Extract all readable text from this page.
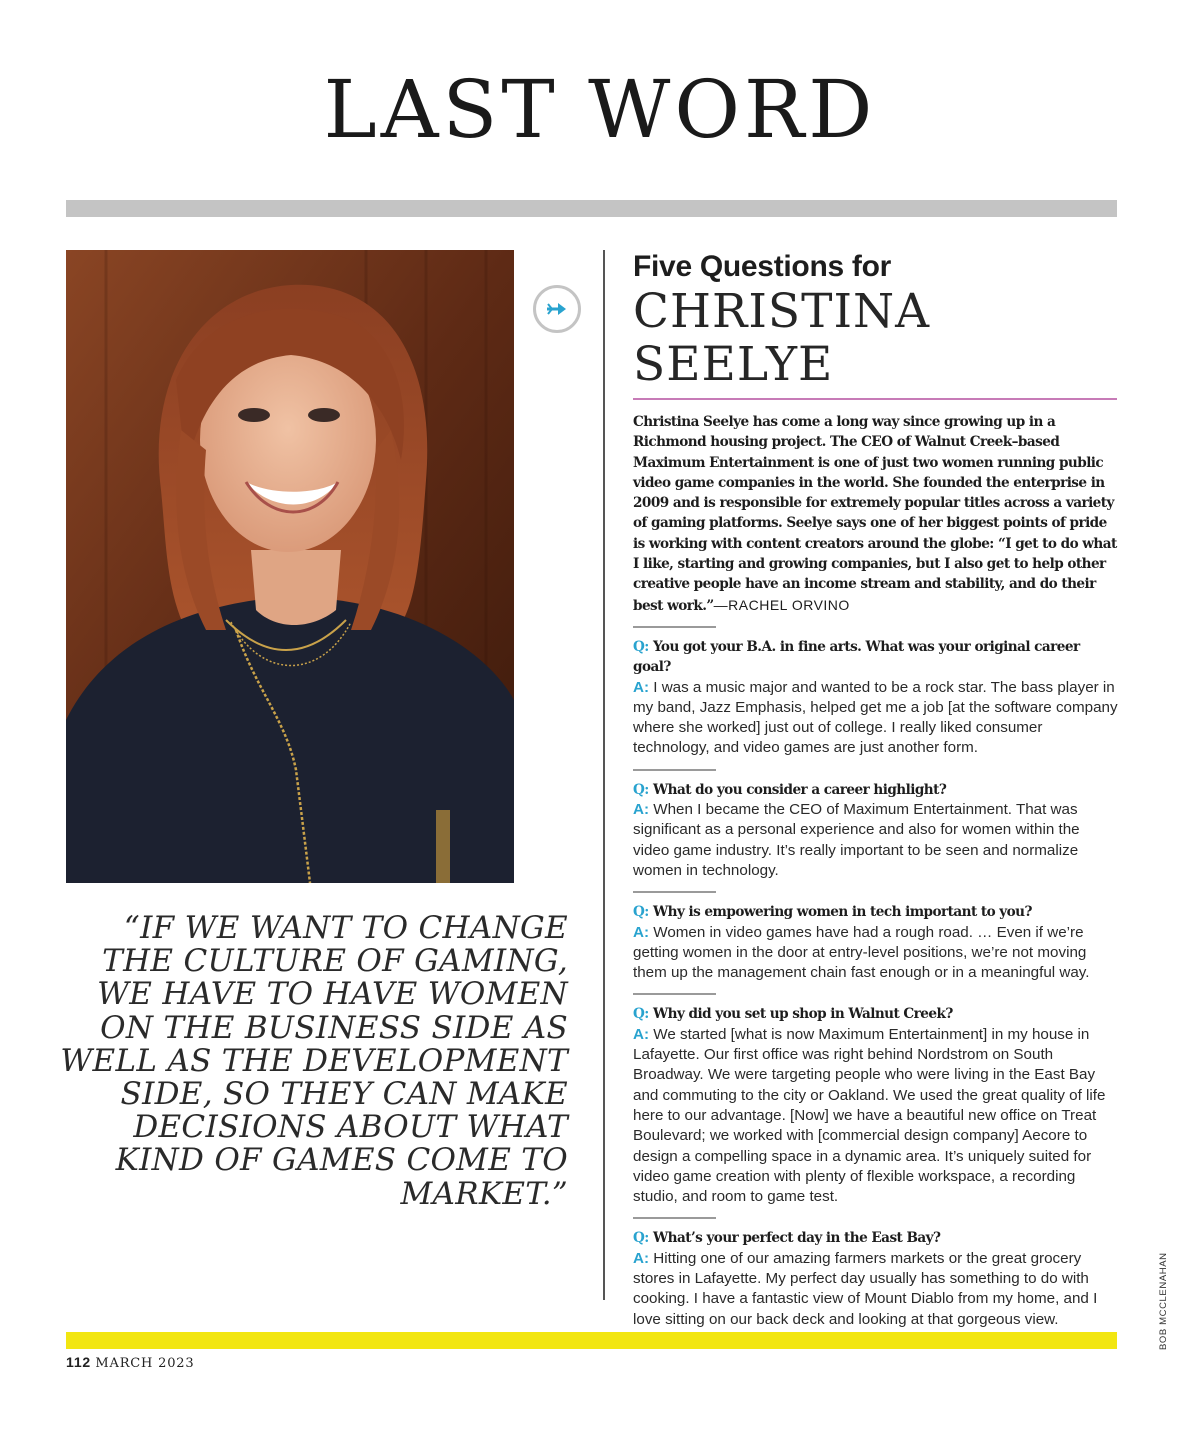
LAST WORD
“IF WE WANT TO CHANGE THE CULTURE OF GAMING, WE HAVE TO HAVE WOMEN ON THE BUSINESS SIDE AS WELL AS THE DEVELOPMENT SIDE, SO THEY CAN MAKE DECISIONS ABOUT WHAT KIND OF GAMES COME TO MARKET.”
Five Questions for
CHRISTINA
SEELYE
Christina Seelye has come a long way since growing up in a Richmond housing project. The CEO of Walnut Creek–based Maximum Entertainment is one of just two women running public video game companies in the world. She founded the enterprise in 2009 and is responsible for extremely popular titles across a variety of gaming platforms. Seelye says one of her biggest points of pride is working with content creators around the globe: “I get to do what I like, starting and growing companies, but I also get to help other creative people have an income stream and stability, and do their best work.”—RACHEL ORVINO
Q: You got your B.A. in fine arts. What was your original career goal?
A: I was a music major and wanted to be a rock star. The bass player in my band, Jazz Emphasis, helped get me a job [at the software company where she worked] just out of college. I really liked consumer technology, and video games are just another form.
Q: What do you consider a career highlight?
A: When I became the CEO of Maximum Entertainment. That was significant as a personal experience and also for women within the video game industry. It’s really important to be seen and normalize women in technology.
Q: Why is empowering women in tech important to you?
A: Women in video games have had a rough road. … Even if we’re getting women in the door at entry-level positions, we’re not moving them up the management chain fast enough or in a meaningful way.
Q: Why did you set up shop in Walnut Creek?
A: We started [what is now Maximum Entertainment] in my house in Lafayette. Our first office was right behind Nordstrom on South Broadway. We were targeting people who were living in the East Bay and commuting to the city or Oakland. We used the great quality of life here to our advantage. [Now] we have a beautiful new office on Treat Boulevard; we worked with [commercial design company] Aecore to design a compelling space in a dynamic area. It’s uniquely suited for video game creation with plenty of flexible workspace, a recording studio, and room to game test.
Q: What’s your perfect day in the East Bay?
A: Hitting one of our amazing farmers markets or the great grocery stores in Lafayette. My perfect day usually has something to do with cooking. I have a fantastic view of Mount Diablo from my home, and I love sitting on our back deck and looking at that gorgeous view.
112 MARCH 2023
BOB MCCLENAHAN
